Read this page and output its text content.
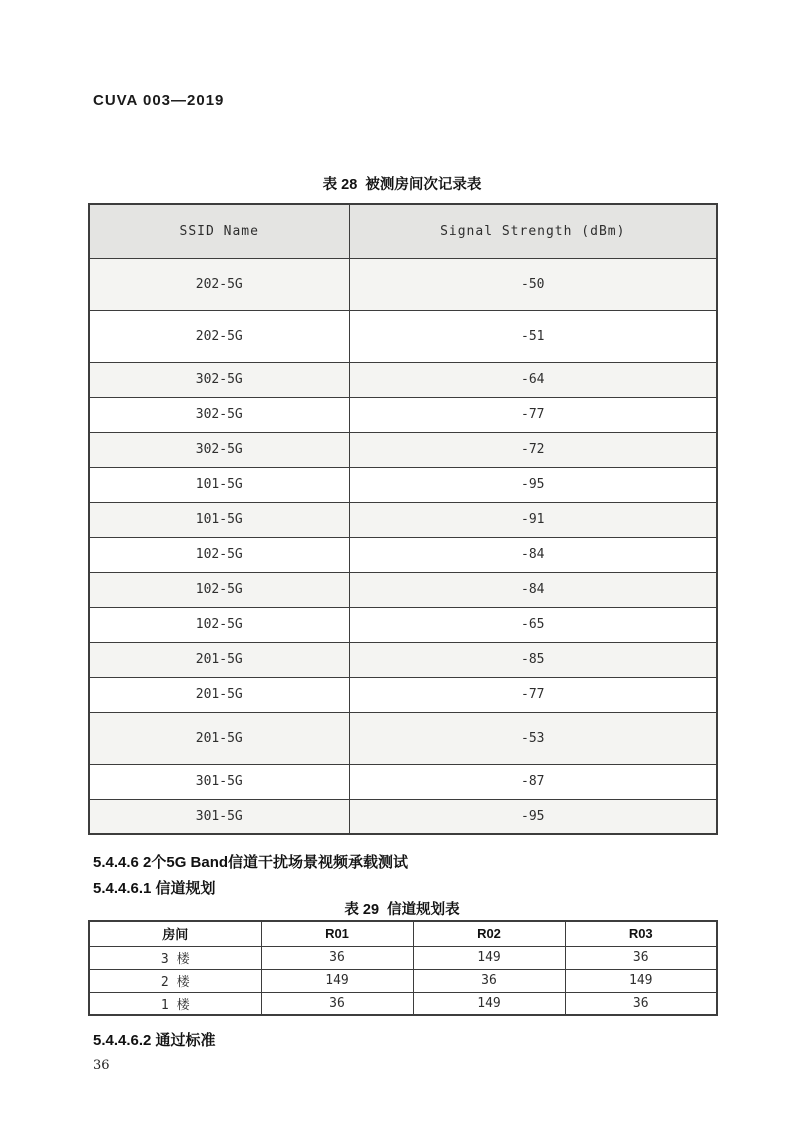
CUVA 003—2019
表 28  被测房间次记录表
SSID Name	Signal Strength (dBm)
202-5G	-50
202-5G	-51
302-5G	-64
302-5G	-77
302-5G	-72
101-5G	-95
101-5G	-91
102-5G	-84
102-5G	-84
102-5G	-65
201-5G	-85
201-5G	-77
201-5G	-53
301-5G	-87
301-5G	-95
5.4.4.6 2个5G Band信道干扰场景视频承载测试
5.4.4.6.1 信道规划
表 29  信道规划表
房间	R01	R02	R03
3 楼	36	149	36
2 楼	149	36	149
1 楼	36	149	36
5.4.4.6.2 通过标准
36
